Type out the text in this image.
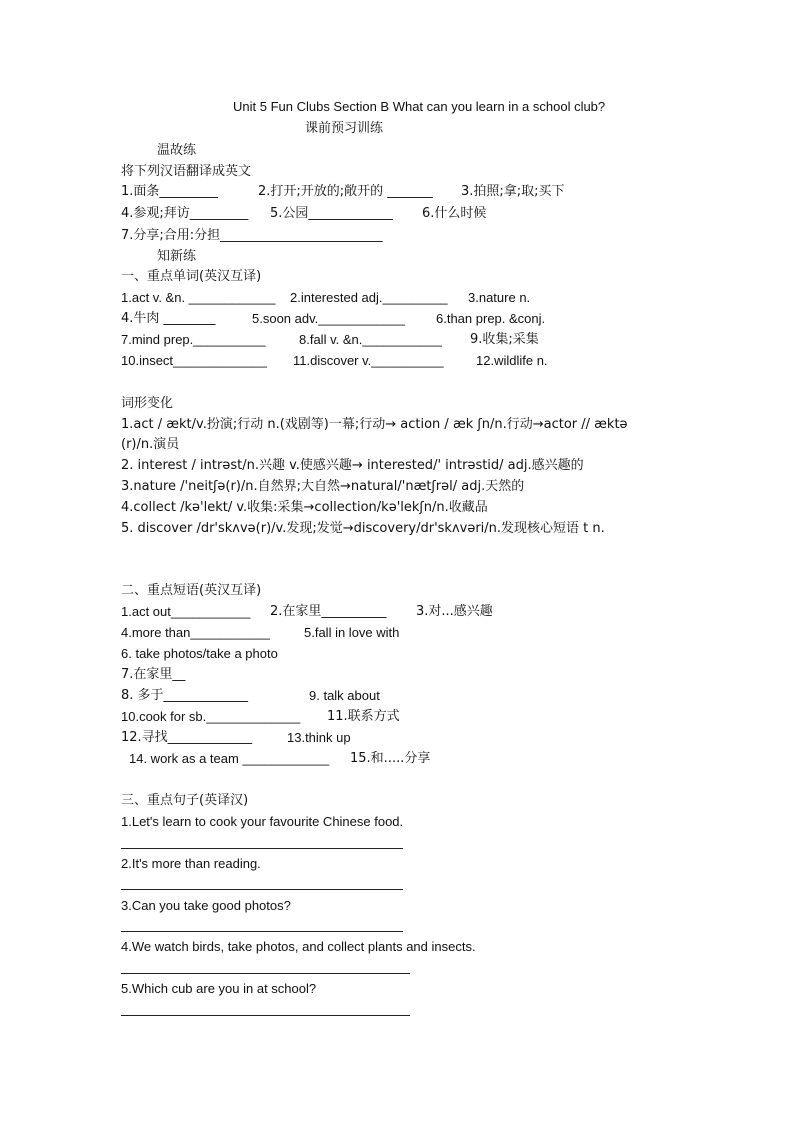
Unit 5 Fun Clubs Section B What can you learn in a school club?
课前预习训练
温故练
将下列汉语翻译成英文
1.面条_________	2.打开;开放的;敞开的 _______ 3.拍照;拿;取;买下
4.参观;拜访_________ 5.公园_____________ 6.什么时候
7.分享;合用:分担_________________________
知新练
一、重点单词(英汉互译)
1.act v. &n. ____________ 2.interested adj._________ 3.nature n.
4.牛肉 ________	5.soon adv.____________ 6.than prep. &conj.
7.mind prep.__________	8.fall v. &n.___________ 9.收集;采集
10.insect_____________ 11.discover v.__________ 12.wildlife n.
词形变化
1.act / ækt/v.扮演;行动 n.(戏剧等)一幕;行动→ action / æk ʃn/n.行动→actor // æktə
(r)/n.演员
2. interest / intrəst/n.兴趣 v.使感兴趣→ interested/' intrəstid/ adj.感兴趣的
3.nature /'neitʃə(r)/n.自然界;大自然→natural/'nætʃrəl/ adj.天然的
4.collect /kə'lekt/ v.收集:采集→collection/kə'lekʃn/n.收藏品
5. discover /dr'skʌvə(r)/v.发现;发觉→discovery/dr'skʌvəri/n.发现核心短语 t n.
二、重点短语(英汉互译)
1.act out___________ 2.在家里__________ 3.对...感兴趣
4.more than___________	5.fall in love with
6. take photos/take a photo
7.在家里__
8. 多于_____________	9. talk about
10.cook for sb._____________ 11.联系方式
12.寻找_____________	13.think up
14. work as a team ____________ 15.和.....分享
三、重点句子(英译汉)
1.Let's learn to cook your favourite Chinese food.
2.It's more than reading.
3.Can you take good photos?
4.We watch birds, take photos, and collect plants and insects.
5.Which cub are you in at school?
